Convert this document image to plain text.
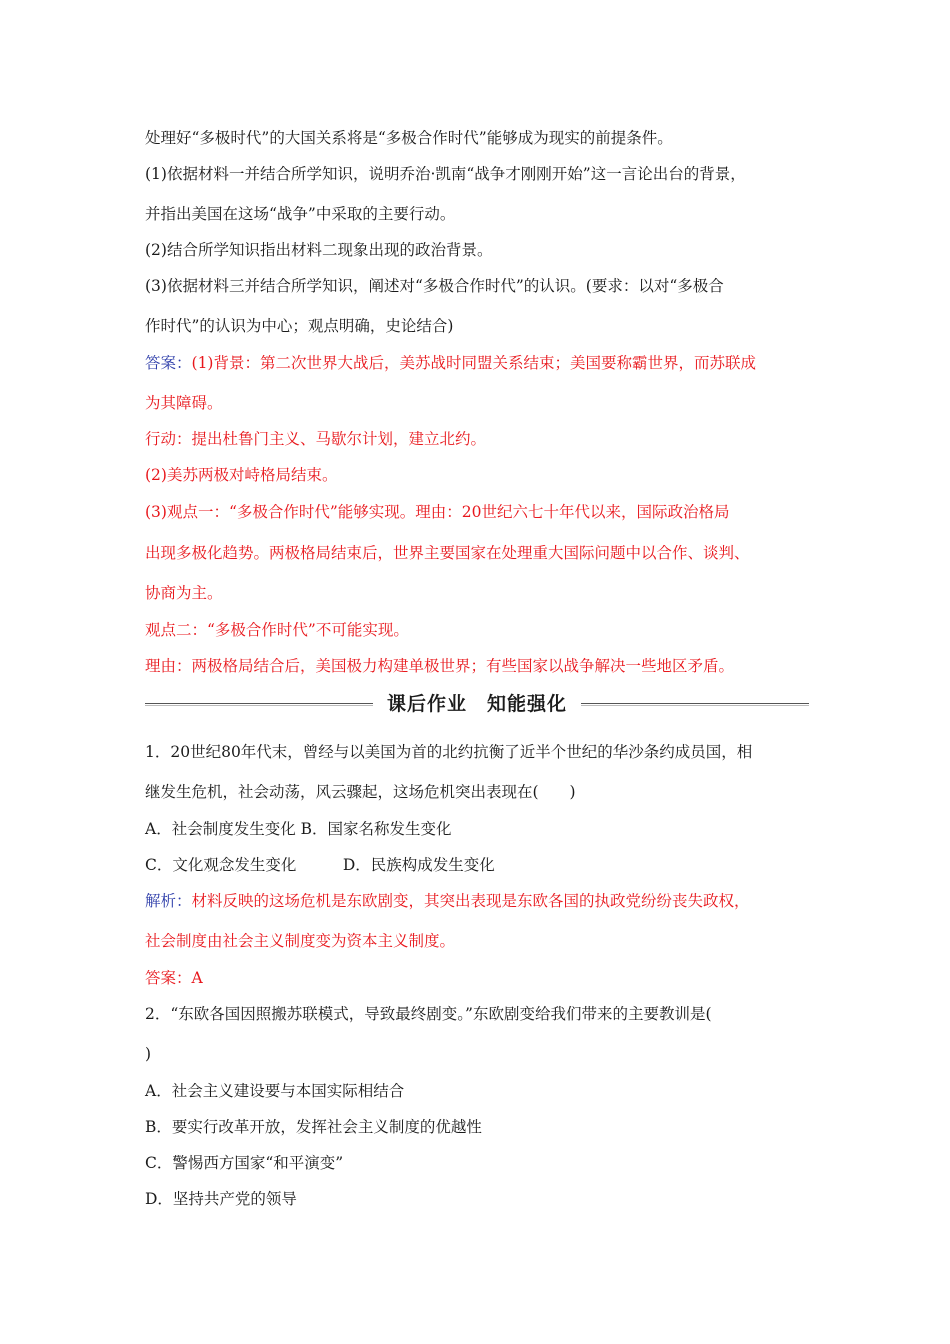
处理好“多极时代”的大国关系将是“多极合作时代”能够成为现实的前提条件。
(1)依据材料一并结合所学知识，说明乔治·凯南“战争才刚刚开始”这一言论出台的背景，
并指出美国在这场“战争”中采取的主要行动。
(2)结合所学知识指出材料二现象出现的政治背景。
(3)依据材料三并结合所学知识，阐述对“多极合作时代”的认识。(要求：以对“多极合
作时代”的认识为中心；观点明确，史论结合)
答案：(1)背景：第二次世界大战后，美苏战时同盟关系结束；美国要称霸世界，而苏联成
为其障碍。
行动：提出杜鲁门主义、马歇尔计划，建立北约。
(2)美苏两极对峙格局结束。
(3)观点一：“多极合作时代”能够实现。理由：20世纪六七十年代以来，国际政治格局
出现多极化趋势。两极格局结束后，世界主要国家在处理重大国际问题中以合作、谈判、
协商为主。
观点二：“多极合作时代”不可能实现。
理由：两极格局结合后，美国极力构建单极世界；有些国家以战争解决一些地区矛盾。
课后作业　知能强化
1．20世纪80年代末，曾经与以美国为首的北约抗衡了近半个世纪的华沙条约成员国，相
继发生危机，社会动荡，风云骤起，这场危机突出表现在(　　)
A．社会制度发生变化 B．国家名称发生变化
C．文化观念发生变化　　　D．民族构成发生变化
解析：材料反映的这场危机是东欧剧变，其突出表现是东欧各国的执政党纷纷丧失政权，
社会制度由社会主义制度变为资本主义制度。
答案：A
2．“东欧各国因照搬苏联模式，导致最终剧变。”东欧剧变给我们带来的主要教训是(
)
A．社会主义建设要与本国实际相结合
B．要实行改革开放，发挥社会主义制度的优越性
C．警惕西方国家“和平演变”
D．坚持共产党的领导
